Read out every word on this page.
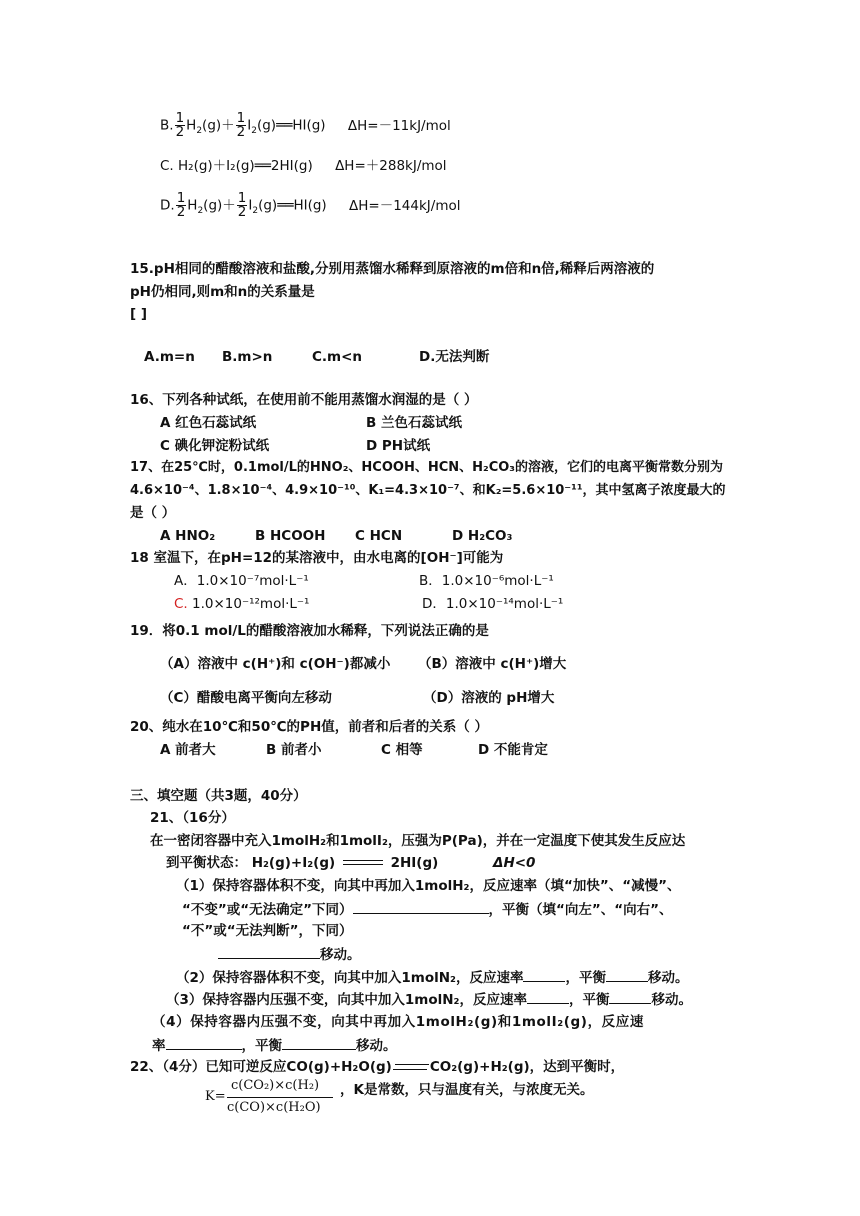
B. $\frac{1}{2} H_2(g)+ \frac{1}{2}$ $I_2(g)══HI(g)$ ΔH=－11kJ/mol
C. H₂(g)＋I₂(g)══2HI(g) ΔH=＋288kJ/mol
D. $\frac{1}{2} H_2(g)+ \frac{1}{2}$ $I_2(g)══HI(g)$ ΔH=－144kJ/mol
15.pH相同的醋酸溶液和盐酸,分别用蒸馏水稀释到原溶液的m倍和n倍,稀释后两溶液的
pH仍相同,则m和n的关系量是
[ ]
A.m=n B.m>n	C.m<n	D.无法判断
16、下列各种试纸，在使用前不能用蒸馏水润湿的是（ ）
A 红色石蕊试纸	B 兰色石蕊试纸
C 碘化钾淀粉试纸	D PH试纸
17、在25℃时，0.1mol/L的HNO₂、HCOOH、HCN、H₂CO₃的溶液，它们的电离平衡常数分别为
4.6×10⁻⁴、1.8×10⁻⁴、4.9×10⁻¹⁰、K₁=4.3×10⁻⁷、和K₂=5.6×10⁻¹¹，其中氢离子浓度最大的
是（ ）
A HNO₂	B HCOOH C HCN	D H₂CO₃
18 室温下，在pH=12的某溶液中，由水电离的[OH⁻]可能为
A．1.0×10⁻⁷mol·L⁻¹	B．1.0×10⁻⁶mol·L⁻¹
C. 1.0×10⁻¹²mol·L⁻¹	D．1.0×10⁻¹⁴mol·L⁻¹
19．将0.1 mol/L的醋酸溶液加水稀释，下列说法正确的是
（A）溶液中 c(H⁺)和 c(OH⁻)都减小 （B）溶液中 c(H⁺)增大
（C）醋酸电离平衡向左移动	（D）溶液的 pH增大
20、纯水在10℃和50℃的PH值，前者和后者的关系（ ）
A 前者大	B 前者小	C 相等	D 不能肯定
三、填空题（共3题，40分）
21、（16分）
在一密闭容器中充入1molH₂和1molI₂，压强为P(Pa)，并在一定温度下使其发生反应达
到平衡状态： H₂(g)+I₂(g)	2HI(g)	ΔH<0
（1）保持容器体积不变，向其中再加入1molH₂，反应速率（填“加快”、“减慢”、
“不变”或“无法确定”下同）	，平衡（填“向左”、“向右”、
“不”或“无法判断”，下同）
移动。
（2）保持容器体积不变，向其中加入1molN₂，反应速率	，平衡	移动。
（3）保持容器内压强不变，向其中加入1molN₂，反应速率	，平衡	移动。
（4）保持容器内压强不变，向其中再加入1molH₂(g)和1molI₂(g)，反应速
率	，平衡	移动。
22、（4分）已知可逆反应CO(g)+H₂O(g)	CO₂(g)+H₂(g)，达到平衡时，
K=
c(CO₂)×c(H₂)
c(CO)×c(H₂O)
，K是常数，只与温度有关，与浓度无关。
